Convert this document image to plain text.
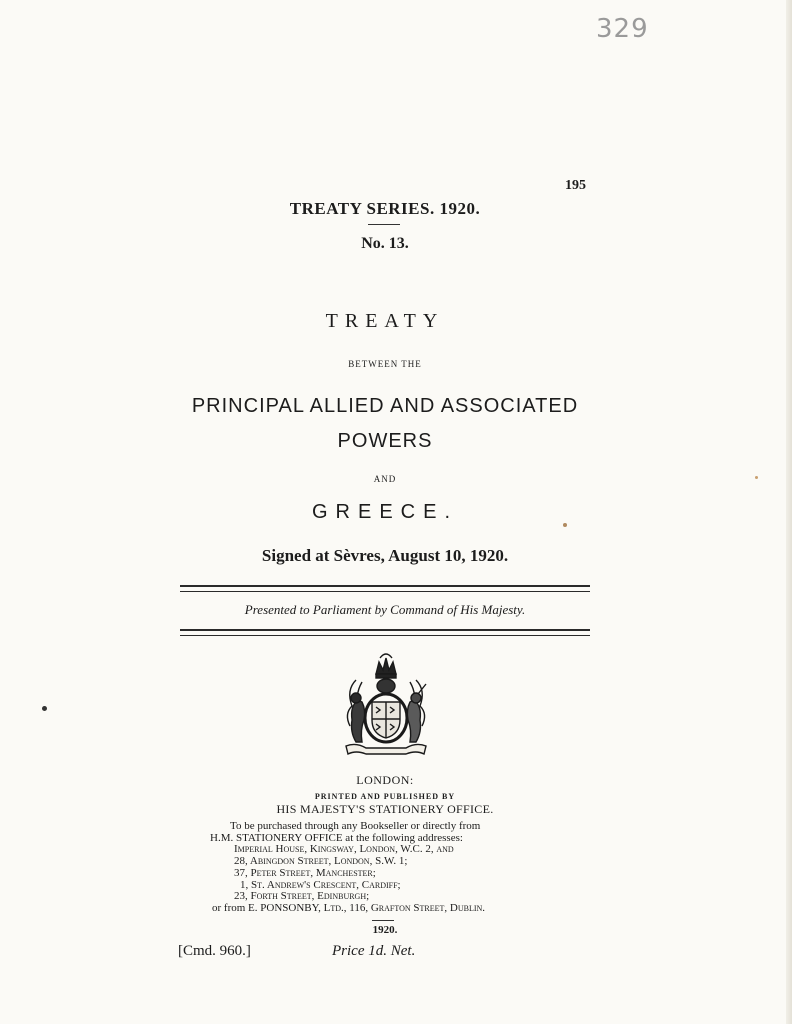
329
195
TREATY SERIES. 1920.
No. 13.
TREATY
BETWEEN THE
PRINCIPAL ALLIED AND ASSOCIATED
POWERS
AND
GREECE.
Signed at Sèvres, August 10, 1920.
Presented to Parliament by Command of His Majesty.
LONDON:
PRINTED AND PUBLISHED BY
HIS MAJESTY'S STATIONERY OFFICE.
To be purchased through any Bookseller or directly from
H.M. STATIONERY OFFICE at the following addresses:
Imperial House, Kingsway, London, W.C. 2, and
28, Abingdon Street, London, S.W. 1;
37, Peter Street, Manchester;
1, St. Andrew's Crescent, Cardiff;
23, Forth Street, Edinburgh;
or from E. PONSONBY, Ltd., 116, Grafton Street, Dublin.
1920.
[Cmd. 960.]	Price 1d. Net.
